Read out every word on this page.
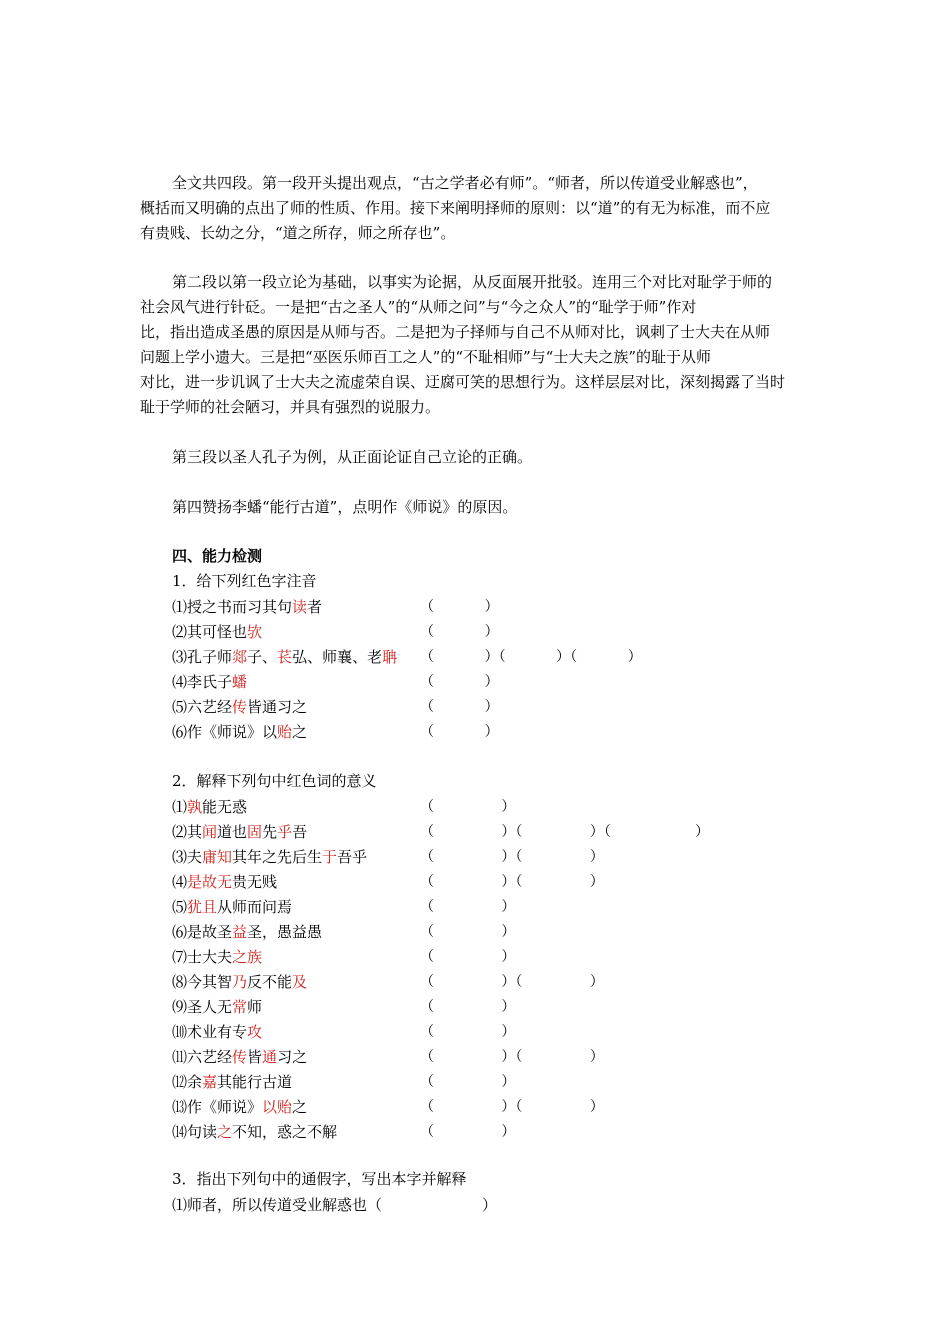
全文共四段。第一段开头提出观点，“古之学者必有师”。“师者，所以传道受业解惑也”，
概括而又明确的点出了师的性质、作用。接下来阐明择师的原则：以“道”的有无为标准，而不应
有贵贱、长幼之分，“道之所存，师之所存也”。

第二段以第一段立论为基础，以事实为论据，从反面展开批驳。连用三个对比对耻学于师的
社会风气进行针砭。一是把“古之圣人”的“从师之问”与“今之众人”的“耻学于师”作对
比，指出造成圣愚的原因是从师与否。二是把为子择师与自己不从师对比，讽刺了士大夫在从师
问题上学小遗大。三是把“巫医乐师百工之人”的“不耻相师”与“士大夫之族”的耻于从师
对比，进一步讥讽了士大夫之流虚荣自误、迂腐可笑的思想行为。这样层层对比，深刻揭露了当时
耻于学师的社会陋习，并具有强烈的说服力。

第三段以圣人孔子为例，从正面论证自己立论的正确。

第四赞扬李蟠“能行古道”，点明作《师说》的原因。

四、能力检测
1．给下列红色字注音
⑴授之书而习其句读者	（      ）
⑵其可怪也欤	（      ）
⑶孔子师郯子、苌弘、师襄、老聃 （      ）（      ）（      ）
⑷李氏子蟠	（      ）
⑸六艺经传皆通习之	（      ）
⑹作《师说》以贻之	（      ）
2．解释下列句中红色词的意义
⑴孰能无惑	（        ）
⑵其闻道也固先乎吾	（        ）（        ）（          ）
⑶夫庸知其年之先后生于吾乎	（        ）（        ）
⑷是故无贵无贱	（        ）（        ）
⑸犹且从师而问焉	（        ）
⑹是故圣益圣，愚益愚	（        ）
⑺士大夫之族	（        ）
⑻今其智乃反不能及	（        ）（        ）
⑼圣人无常师	（        ）
⑽术业有专攻	（        ）
⑾六艺经传皆通习之	（        ）（        ）
⑿余嘉其能行古道	（        ）
⒀作《师说》以贻之	（        ）（        ）
⒁句读之不知，惑之不解	（        ）
3．指出下列句中的通假字，写出本字并解释
⑴师者，所以传道受业解惑也（	）
